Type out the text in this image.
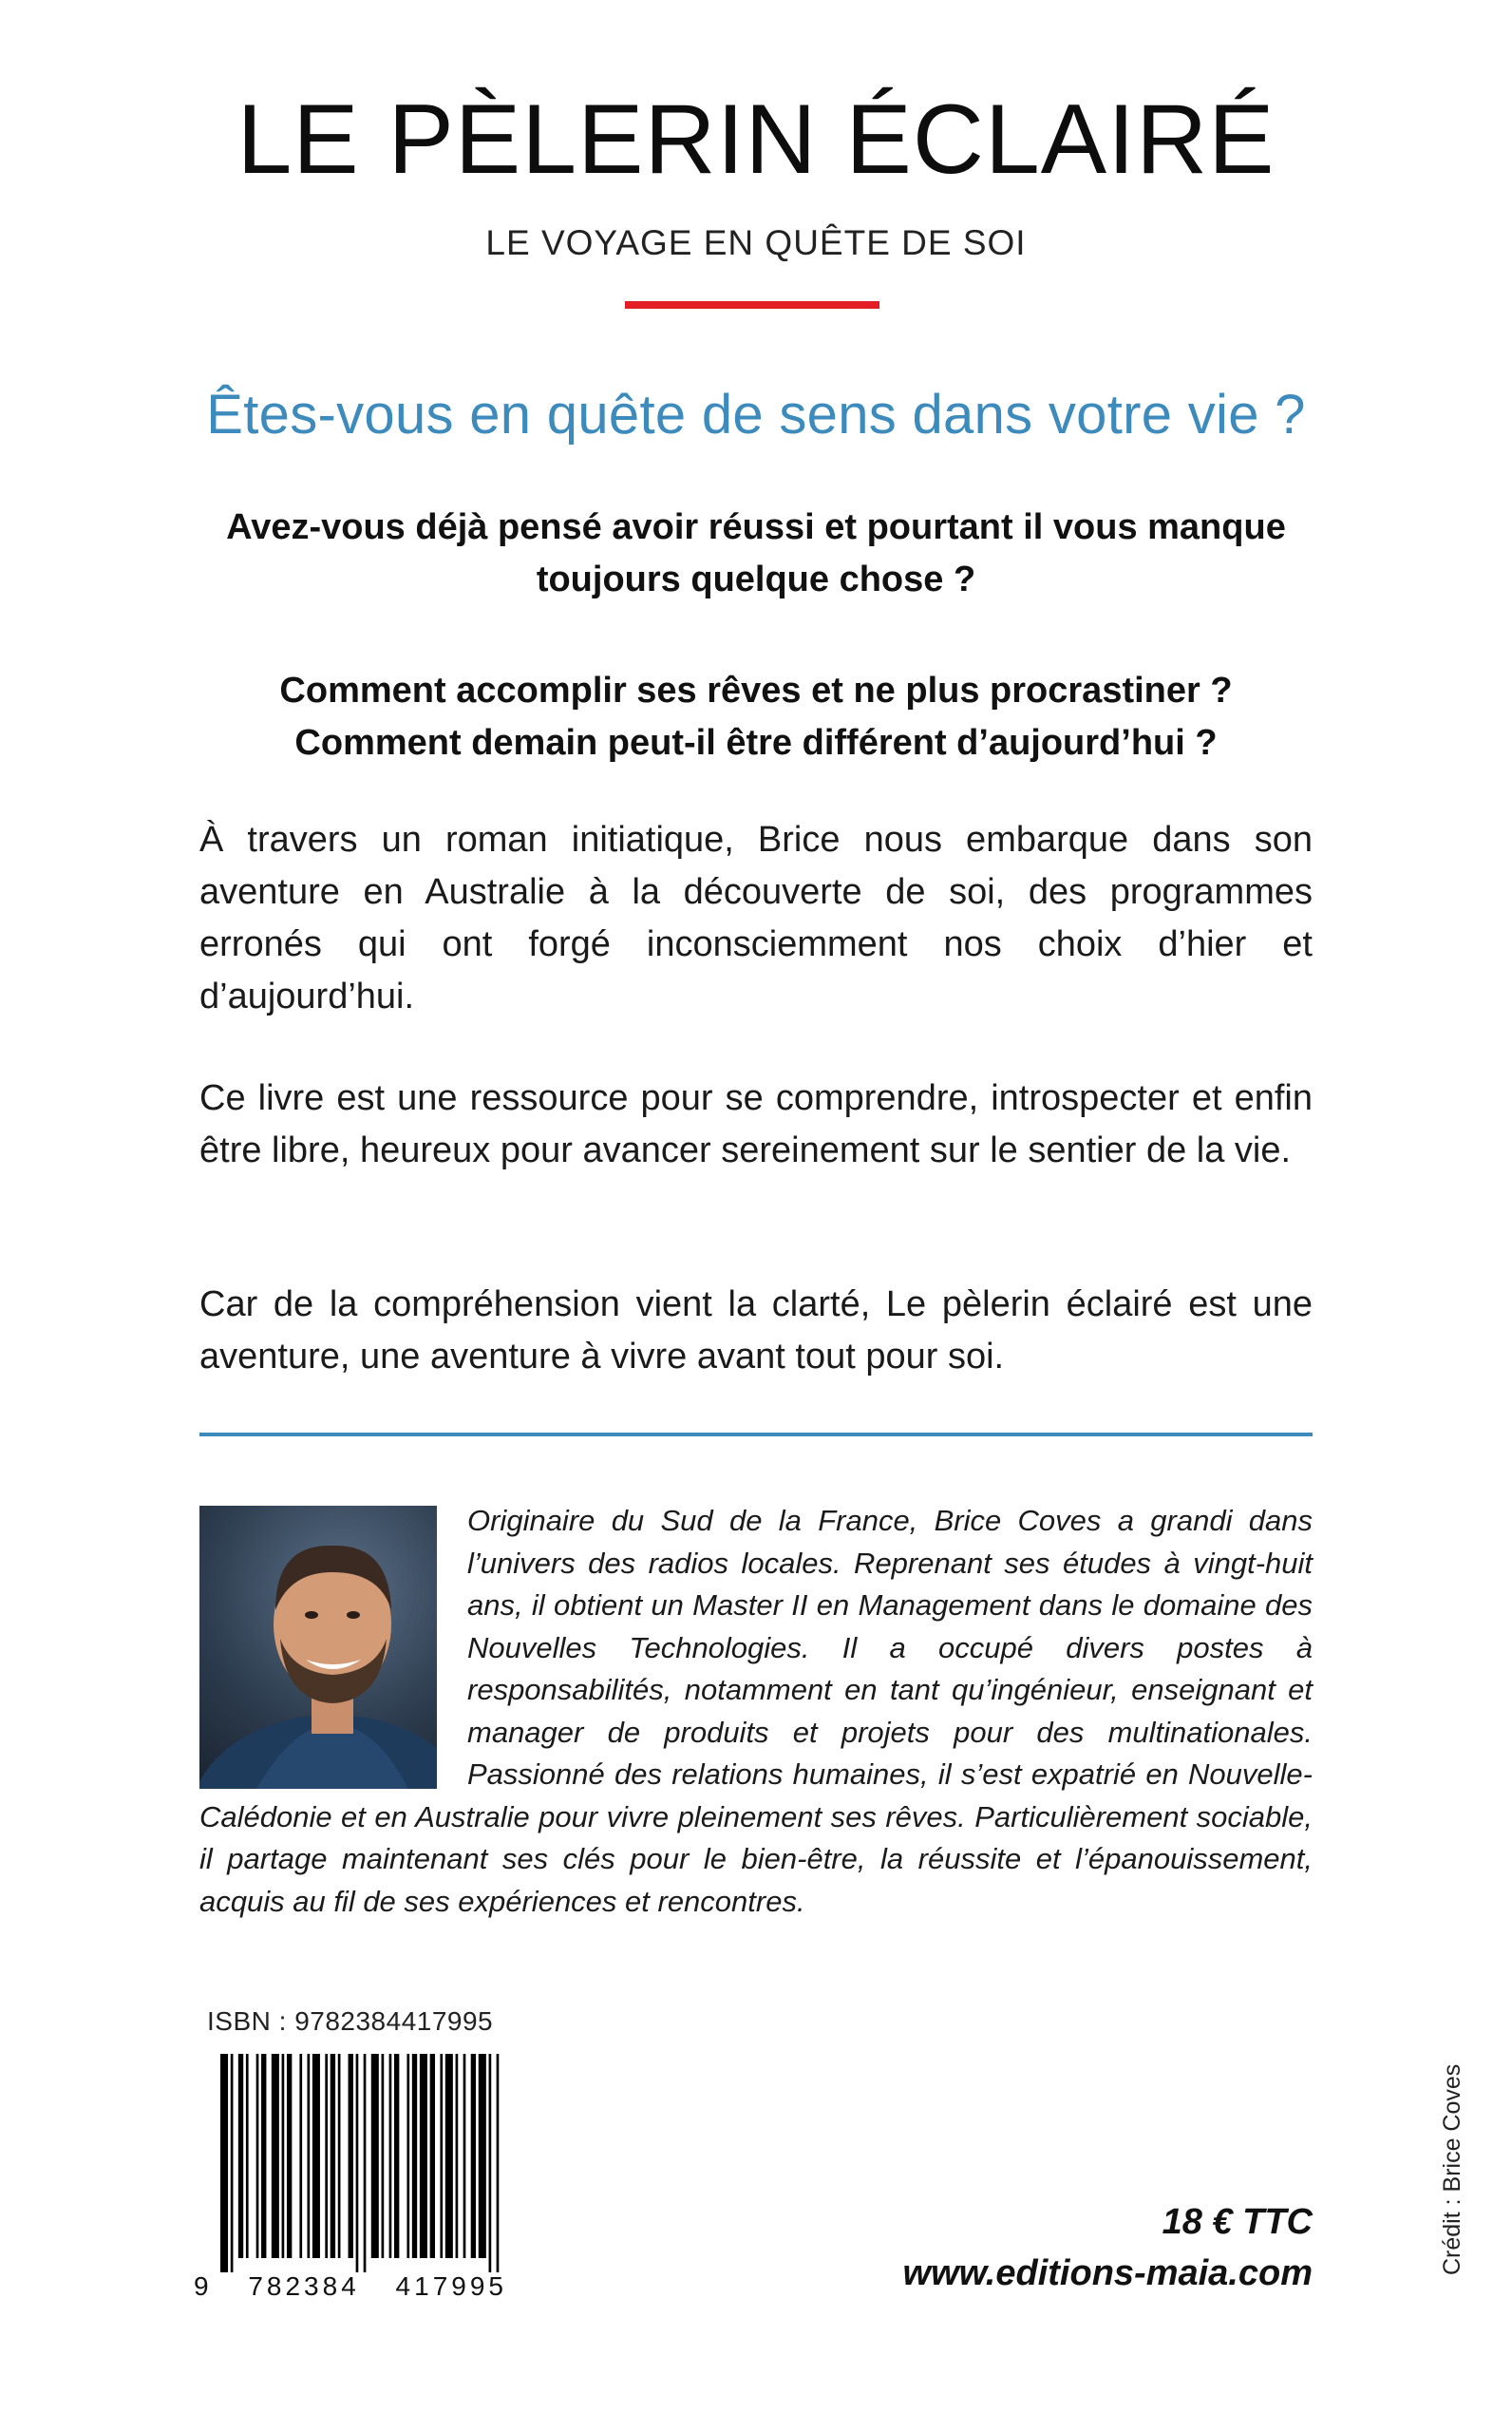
LE PÈLERIN ÉCLAIRÉ
LE VOYAGE EN QUÊTE DE SOI
Êtes-vous en quête de sens dans votre vie ?
Avez-vous déjà pensé avoir réussi et pourtant il vous manque toujours quelque chose ?
Comment accomplir ses rêves et ne plus procrastiner ?
Comment demain peut-il être différent d’aujourd’hui ?
À travers un roman initiatique, Brice nous embarque dans son aventure en Australie à la découverte de soi, des programmes erronés qui ont forgé inconsciemment nos choix d’hier et d’aujourd’hui.
Ce livre est une ressource pour se comprendre, introspecter et enfin être libre, heureux pour avancer sereinement sur le sentier de la vie.
Car de la compréhension vient la clarté, Le pèlerin éclairé est une aventure, une aventure à vivre avant tout pour soi.
Originaire du Sud de la France, Brice Coves a grandi dans l’univers des radios locales. Reprenant ses études à vingt-huit ans, il obtient un Master II en Management dans le domaine des Nouvelles Technologies. Il a occupé divers postes à responsabilités, notamment en tant qu’ingénieur, enseignant et manager de produits et projets pour des multinationales. Passionné des relations humaines, il s’est expatrié en Nouvelle-Calédonie et en Australie pour vivre pleinement ses rêves. Particulièrement sociable, il partage maintenant ses clés pour le bien-être, la réussite et l’épanouissement, acquis au fil de ses expériences et rencontres.
ISBN : 9782384417995
9 782384 417995
18 € TTC
www.editions-maia.com	Crédit : Brice Coves
